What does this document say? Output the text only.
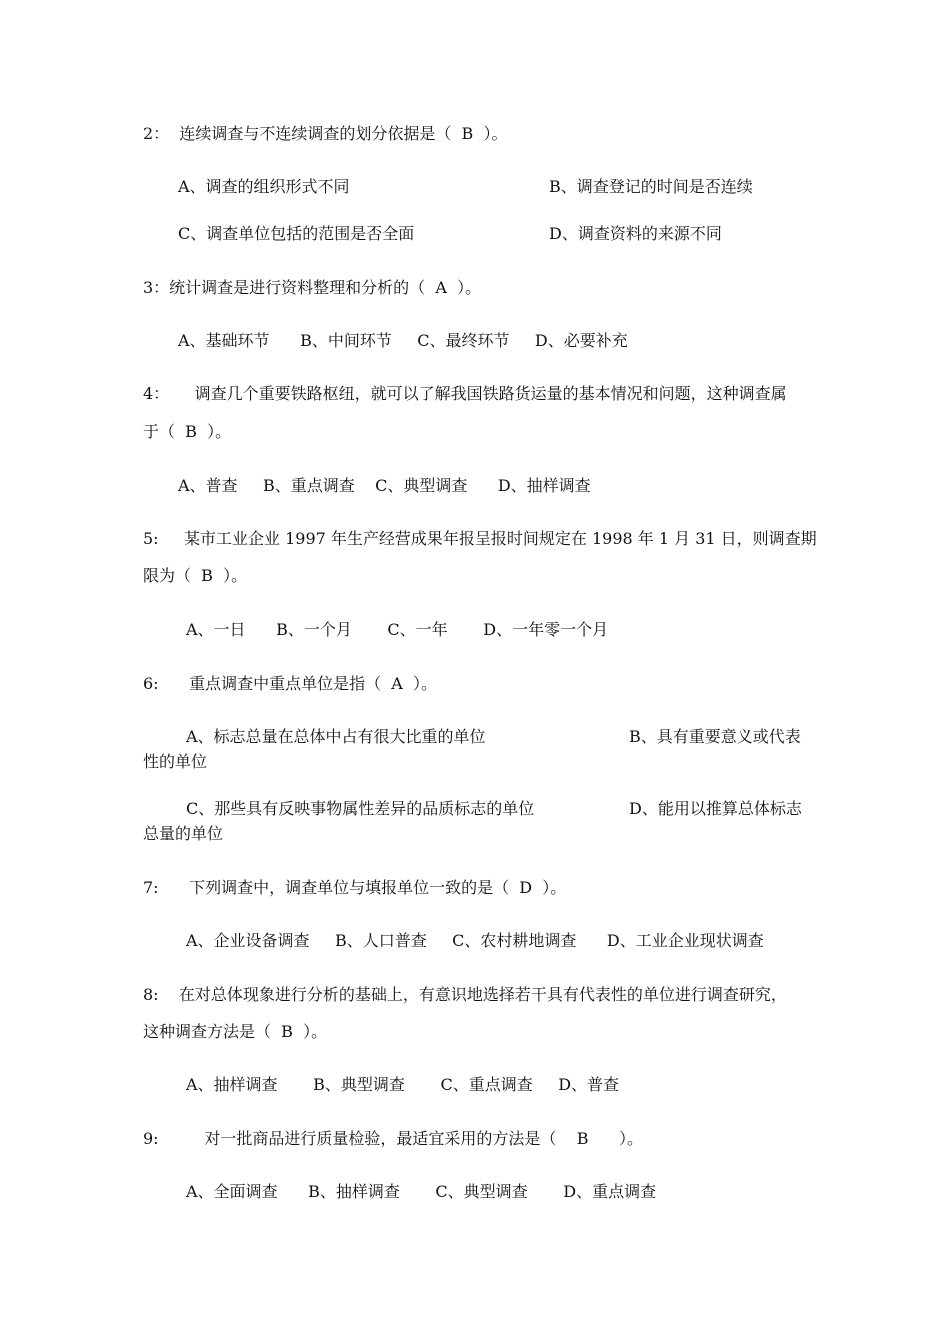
2：  连续调查与不连续调查的划分依据是（  B  ）。
A、调查的组织形式不同	B、调查登记的时间是否连续
C、调查单位包括的范围是否全面	D、调查资料的来源不同
3：统计调查是进行资料整理和分析的（  A  ）。
A、基础环节      B、中间环节     C、最终环节     D、必要补充
4：     调查几个重要铁路枢纽，就可以了解我国铁路货运量的基本情况和问题，这种调查属
于（  B  ）。
A、普查     B、重点调查    C、典型调查      D、抽样调查
5:     某市工业企业 1997 年生产经营成果年报呈报时间规定在 1998 年 1 月 31 日，则调查期
限为（  B  ）。
A、一日      B、一个月       C、一年       D、一年零一个月
6:      重点调查中重点单位是指（  A  ）。
A、标志总量在总体中占有很大比重的单位	B、具有重要意义或代表
性的单位
C、那些具有反映事物属性差异的品质标志的单位	D、能用以推算总体标志
总量的单位
7:      下列调查中，调查单位与填报单位一致的是（  D  ）。
A、企业设备调查     B、人口普查     C、农村耕地调查      D、工业企业现状调查
8:    在对总体现象进行分析的基础上，有意识地选择若干具有代表性的单位进行调查研究，
这种调查方法是（  B  ）。
A、抽样调查       B、典型调查       C、重点调查     D、普查
9:         对一批商品进行质量检验，最适宜采用的方法是（    B      ）。
A、全面调查      B、抽样调查       C、典型调查       D、重点调查
